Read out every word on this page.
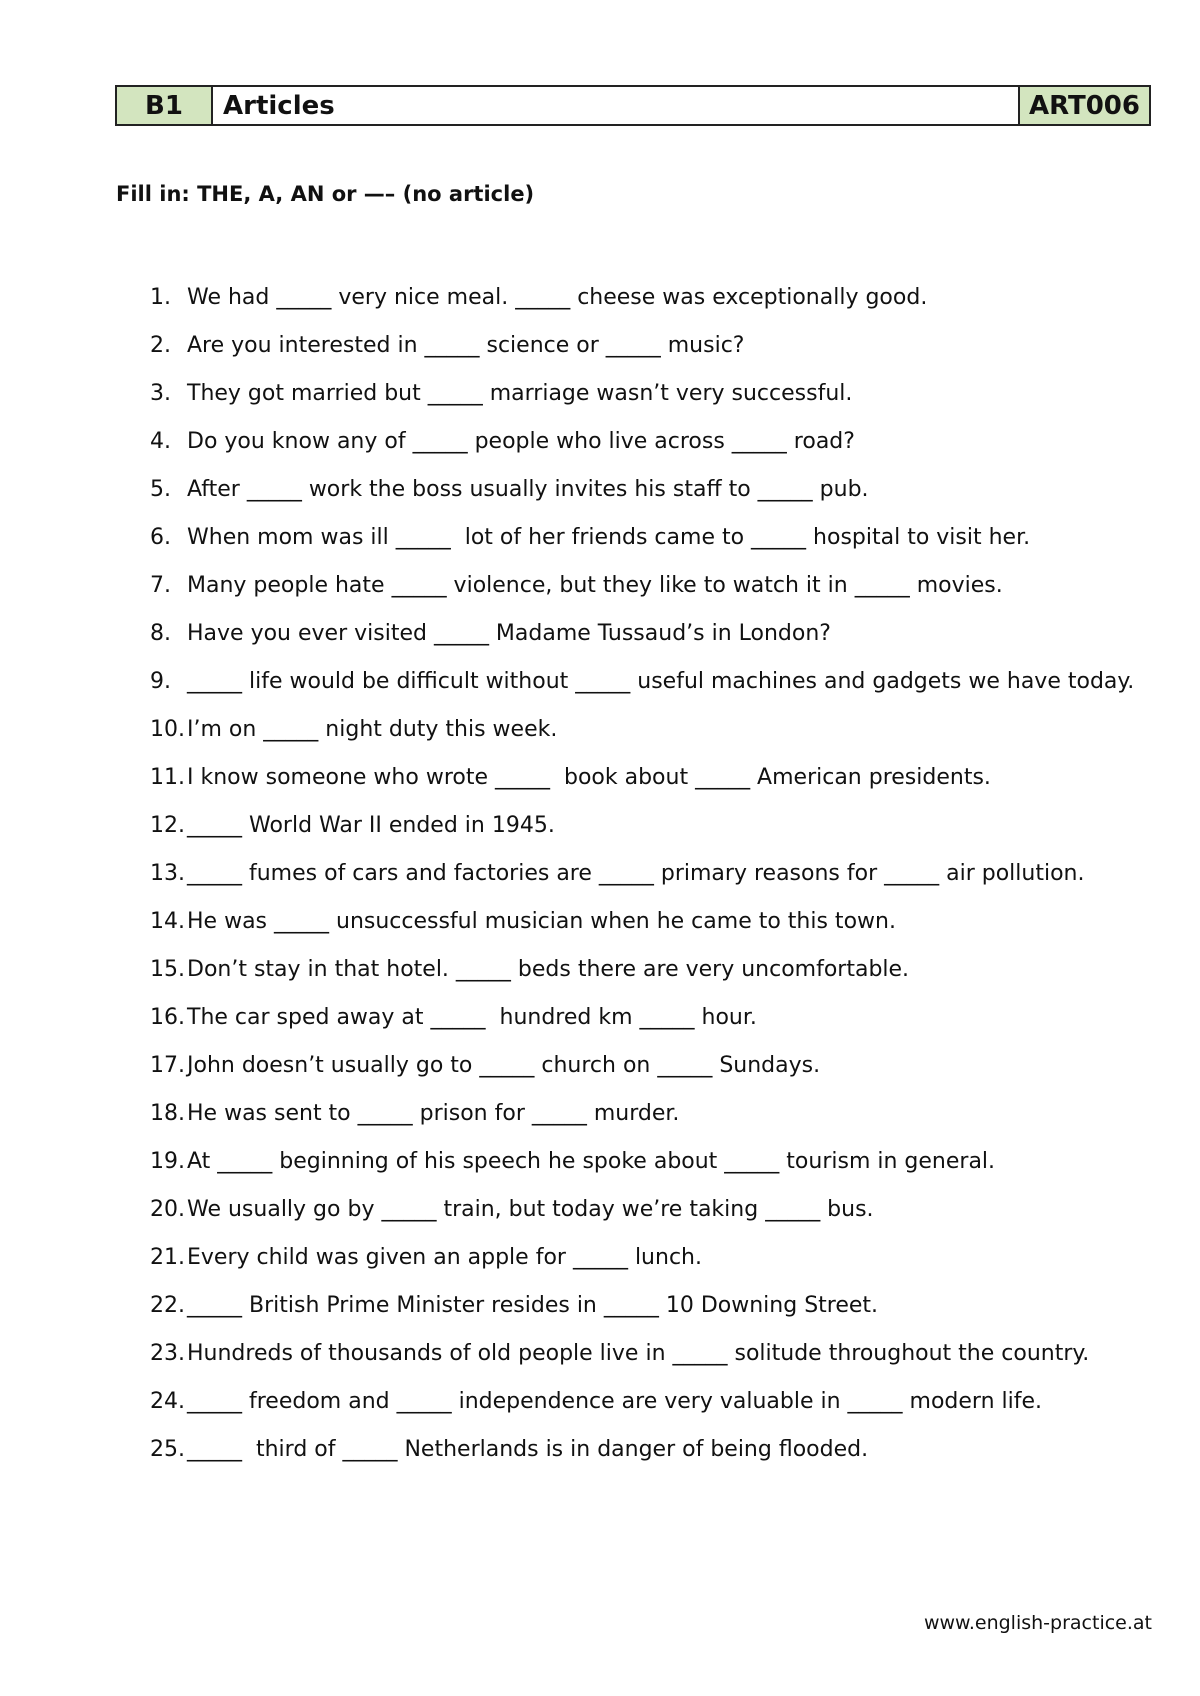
B1	Articles	ART006
Fill in: THE, A, AN or —– (no article)
1. We had _____ very nice meal. _____ cheese was exceptionally good.
2. Are you interested in _____ science or _____ music?
3. They got married but _____ marriage wasn’t very successful.
4. Do you know any of _____ people who live across _____ road?
5. After _____ work the boss usually invites his staff to _____ pub.
6. When mom was ill _____  lot of her friends came to _____ hospital to visit her.
7. Many people hate _____ violence, but they like to watch it in _____ movies.
8. Have you ever visited _____ Madame Tussaud’s in London?
9. _____ life would be difficult without _____ useful machines and gadgets we have today.
10. I’m on _____ night duty this week.
11. I know someone who wrote _____  book about _____ American presidents.
12. _____ World War II ended in 1945.
13. _____ fumes of cars and factories are _____ primary reasons for _____ air pollution.
14. He was _____ unsuccessful musician when he came to this town.
15. Don’t stay in that hotel. _____ beds there are very uncomfortable.
16. The car sped away at _____  hundred km _____ hour.
17. John doesn’t usually go to _____ church on _____ Sundays.
18. He was sent to _____ prison for _____ murder.
19. At _____ beginning of his speech he spoke about _____ tourism in general.
20. We usually go by _____ train, but today we’re taking _____ bus.
21. Every child was given an apple for _____ lunch.
22. _____ British Prime Minister resides in _____ 10 Downing Street.
23. Hundreds of thousands of old people live in _____ solitude throughout the country.
24. _____ freedom and _____ independence are very valuable in _____ modern life.
25. _____  third of _____ Netherlands is in danger of being flooded.
www.english-practice.at
